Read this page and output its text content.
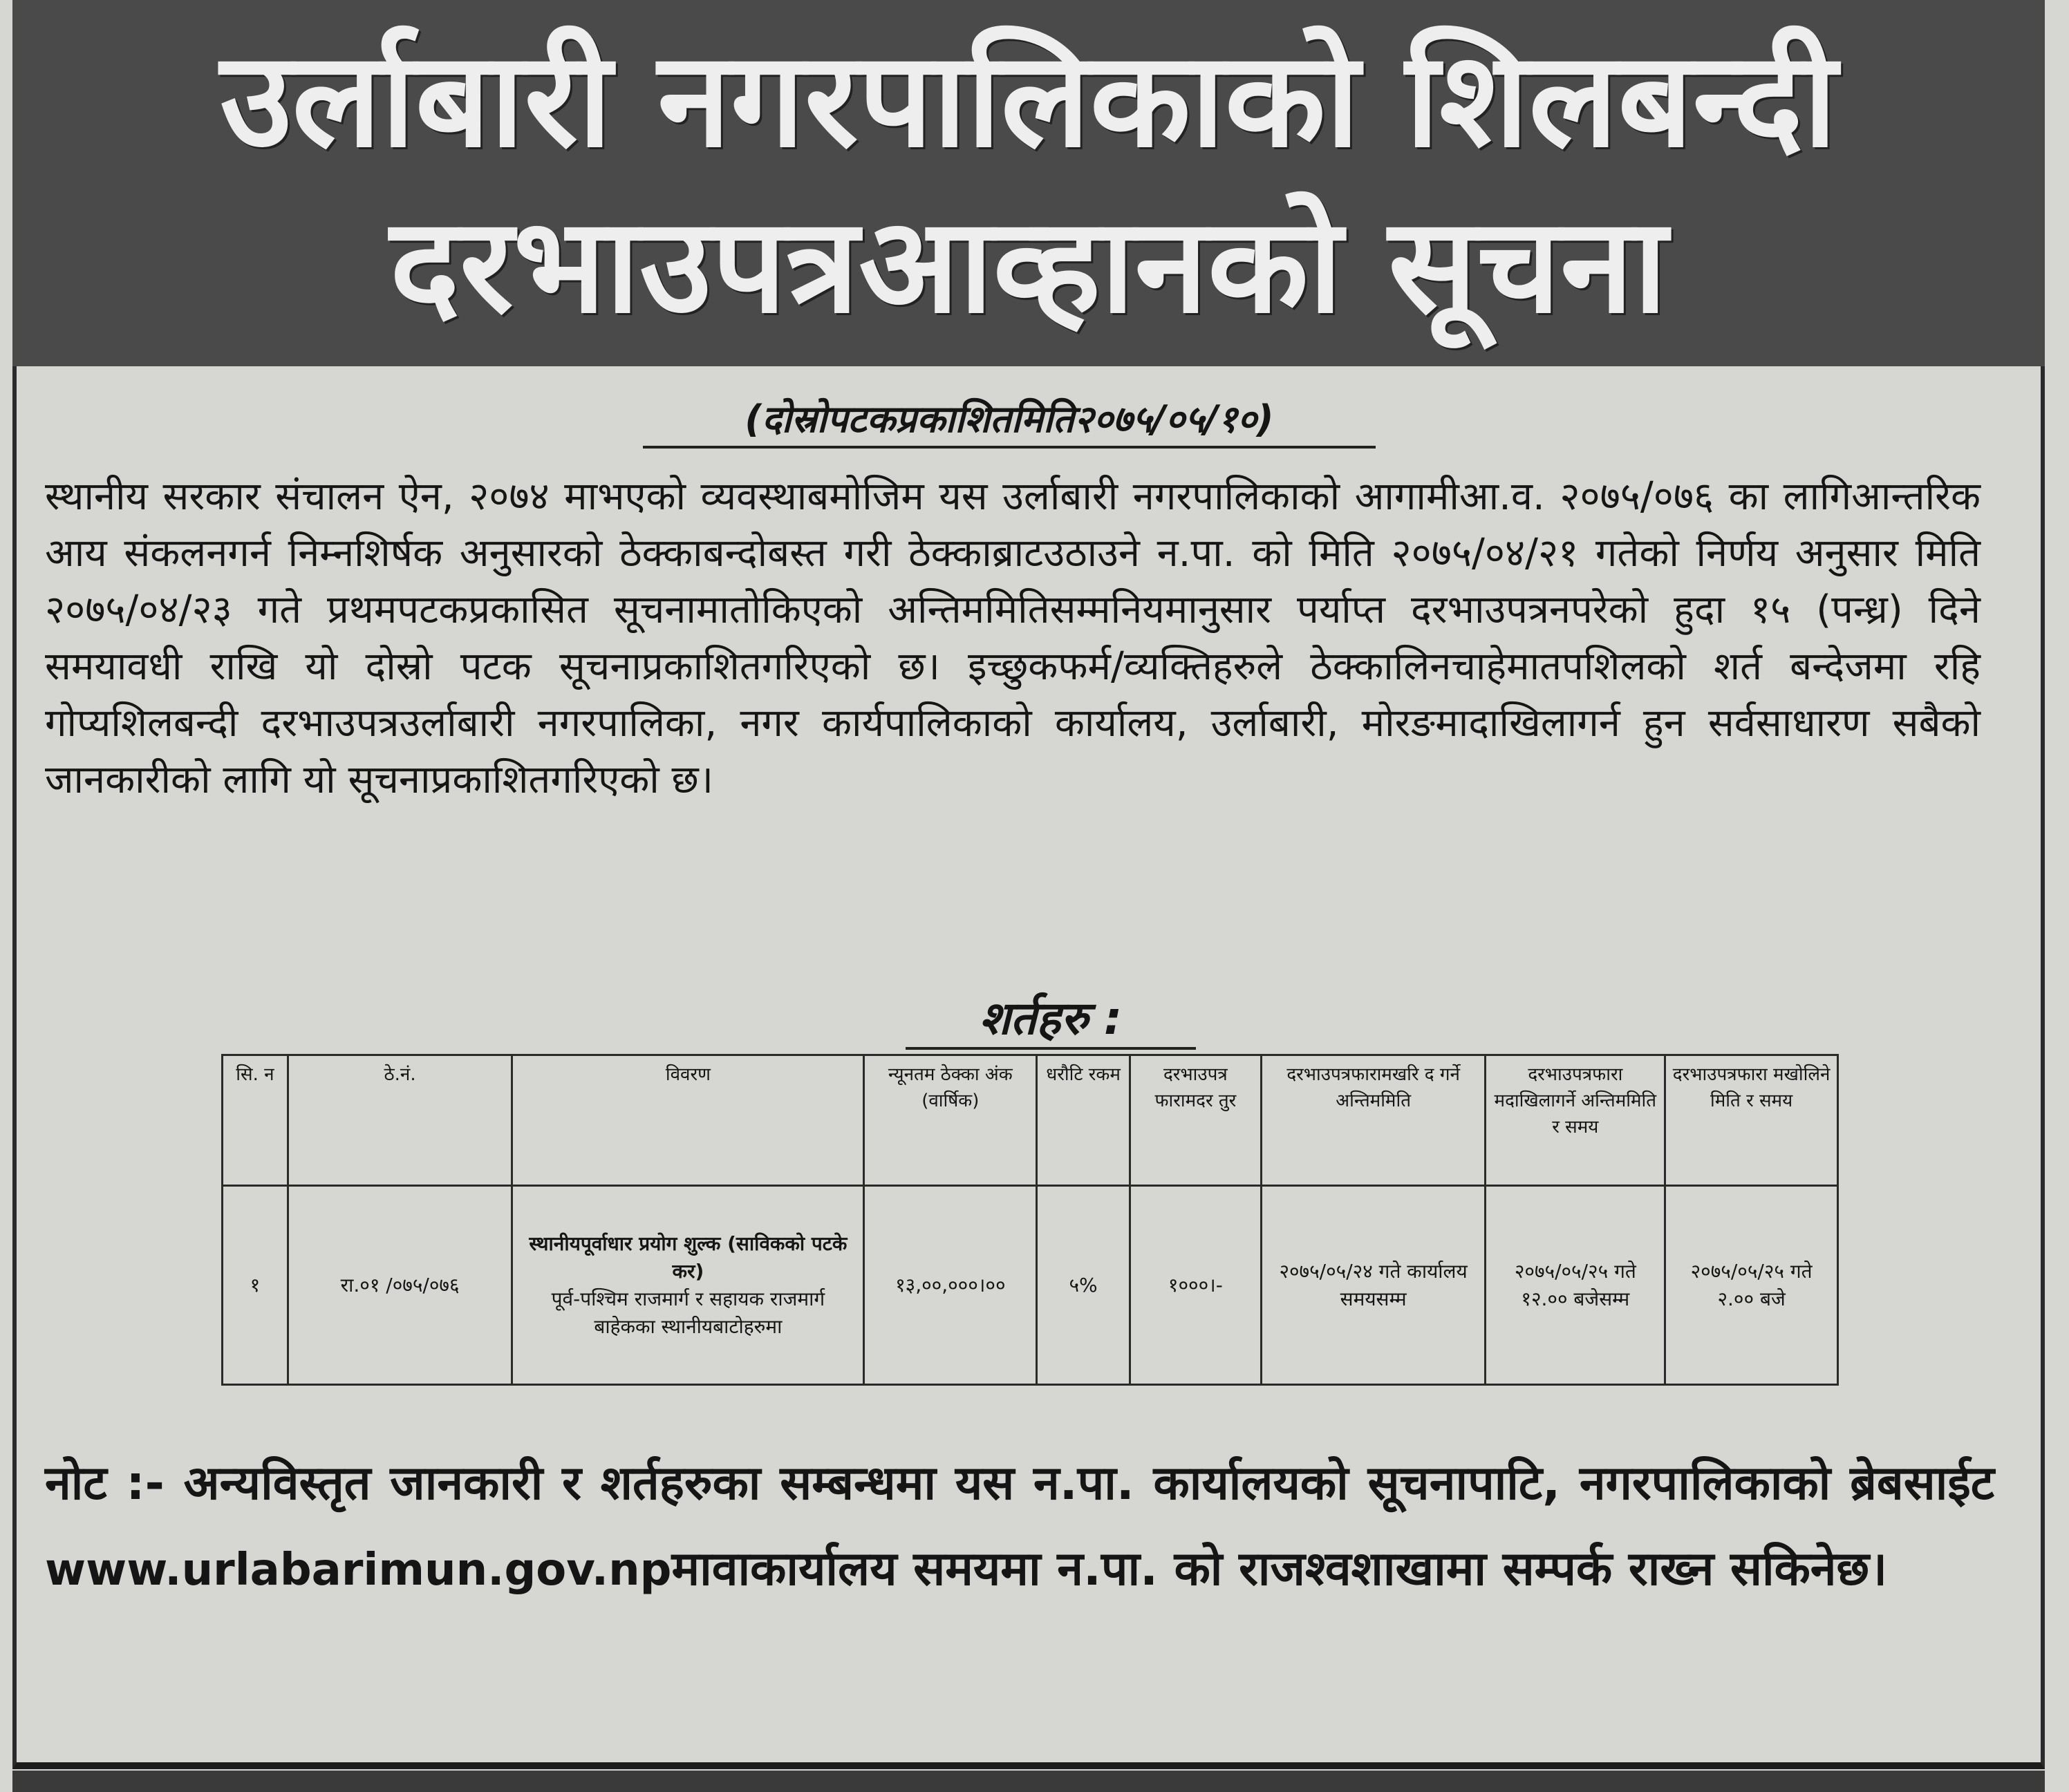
उर्लाबारी नगरपालिकाको शिलबन्दी
दरभाउपत्रआव्हानको सूचना
(दोस्रोपटकप्रकाशितमिति२०७५/०५/१०)
स्थानीय सरकार संचालन ऐन, २०७४ माभएको व्यवस्थाबमोजिम यस उर्लाबारी नगरपालिकाको आगामीआ.व. २०७५/०७६ का लागिआन्तरिक आय संकलनगर्न निम्नशिर्षक अनुसारको ठेक्काबन्दोबस्त गरी ठेक्काब्राटउठाउने न.पा. को मिति २०७५/०४/२१ गतेको निर्णय अनुसार मिति २०७५/०४/२३ गते प्रथमपटकप्रकासित सूचनामातोकिएको अन्तिममितिसम्मनियमानुसार पर्याप्त दरभाउपत्रनपरेको हुदा १५ (पन्ध्र) दिने समयावधी राखि यो दोस्रो पटक सूचनाप्रकाशितगरिएको छ। इच्छुकफर्म/व्यक्तिहरुले ठेक्कालिनचाहेमातपशिलको शर्त बन्देजमा रहि गोप्यशिलबन्दी दरभाउपत्रउर्लाबारी नगरपालिका, नगर कार्यपालिकाको कार्यालय, उर्लाबारी, मोरङमादाखिलागर्न हुन सर्वसाधारण सबैको जानकारीको लागि यो सूचनाप्रकाशितगरिएको छ।
शर्तहरु :
सि. न	ठे.नं.	विवरण	न्यूनतम ठेक्का अंक (वार्षिक)	धरौटि रकम	दरभाउपत्र फारामदर तुर	दरभाउपत्रफारामखरि द गर्ने अन्तिममिति	दरभाउपत्रफारा मदाखिलागर्ने अन्तिममिति र समय	दरभाउपत्रफारा मखोलिने मिति र समय
१	रा.०१ /०७५/०७६	स्थानीयपूर्वाधार प्रयोग शुल्क (साविकको पटके कर)
पूर्व-पश्चिम राजमार्ग र सहायक राजमार्ग बाहेकका स्थानीयबाटोहरुमा	१३,००,०००।००	५%	१०००।-	२०७५/०५/२४ गते कार्यालय समयसम्म	२०७५/०५/२५ गते १२.०० बजेसम्म	२०७५/०५/२५ गते २.०० बजे
नोट :- अन्यविस्तृत जानकारी र शर्तहरुका सम्बन्धमा यस न.पा. कार्यालयको सूचनापाटि, नगरपालिकाको ब्रेबसाईट www.urlabarimun.gov.npमावाकार्यालय समयमा न.पा. को राजश्वशाखामा सम्पर्क राख्न सकिनेछ।
